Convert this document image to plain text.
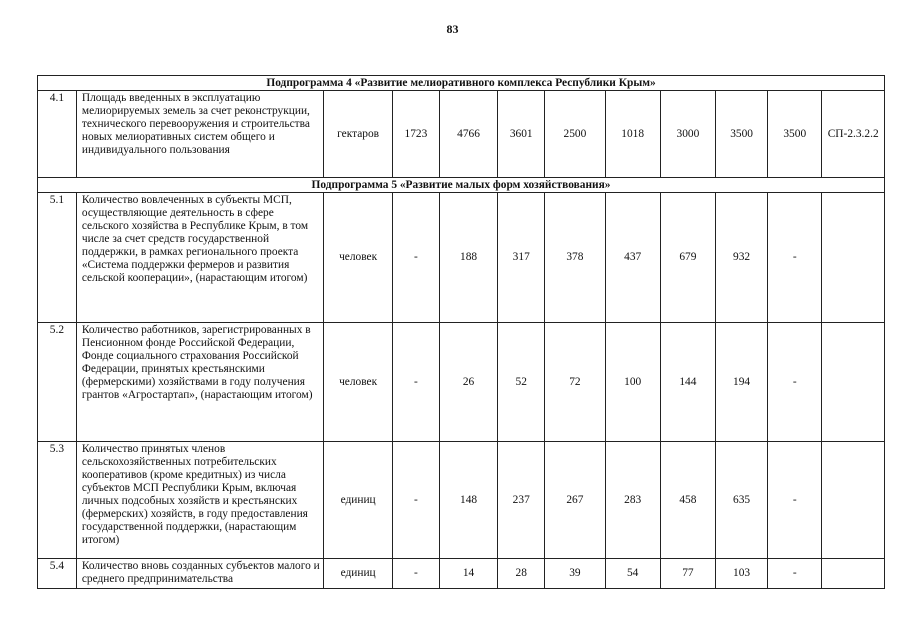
83
Подпрограмма 4 «Развитие мелиоративного комплекса Республики Крым»											
4.1	Площадь введенных в эксплуатацию мелиорируемых земель за счет реконструкции, технического перевооружения и строительства новых мелиоративных систем общего и индивидуального пользования	гектаров	1723	4766	3601	2500	1018	3000	3500	3500	СП-2.3.2.2
Подпрограмма 5 «Развитие малых форм хозяйствования»											
5.1	Количество вовлеченных в субъекты МСП, осуществляющие деятельность в сфере сельского хозяйства в Республике Крым, в том числе за счет средств государственной поддержки, в рамках регионального проекта «Система поддержки фермеров и развития сельской кооперации», (нарастающим итогом)	человек	-	188	317	378	437	679	932	-	
5.2	Количество работников, зарегистрированных в Пенсионном фонде Российской Федерации, Фонде социального страхования Российской Федерации, принятых крестьянскими (фермерскими) хозяйствами в году получения грантов «Агростартап», (нарастающим итогом)	человек	-	26	52	72	100	144	194	-	
5.3	Количество принятых членов сельскохозяйственных потребительских кооперативов (кроме кредитных) из числа субъектов МСП Республики Крым, включая личных подсобных хозяйств и крестьянских (фермерских) хозяйств, в году предоставления государственной поддержки, (нарастающим итогом)	единиц	-	148	237	267	283	458	635	-	
5.4	Количество вновь созданных субъектов малого и среднего предпринимательства	единиц	-	14	28	39	54	77	103	-	
